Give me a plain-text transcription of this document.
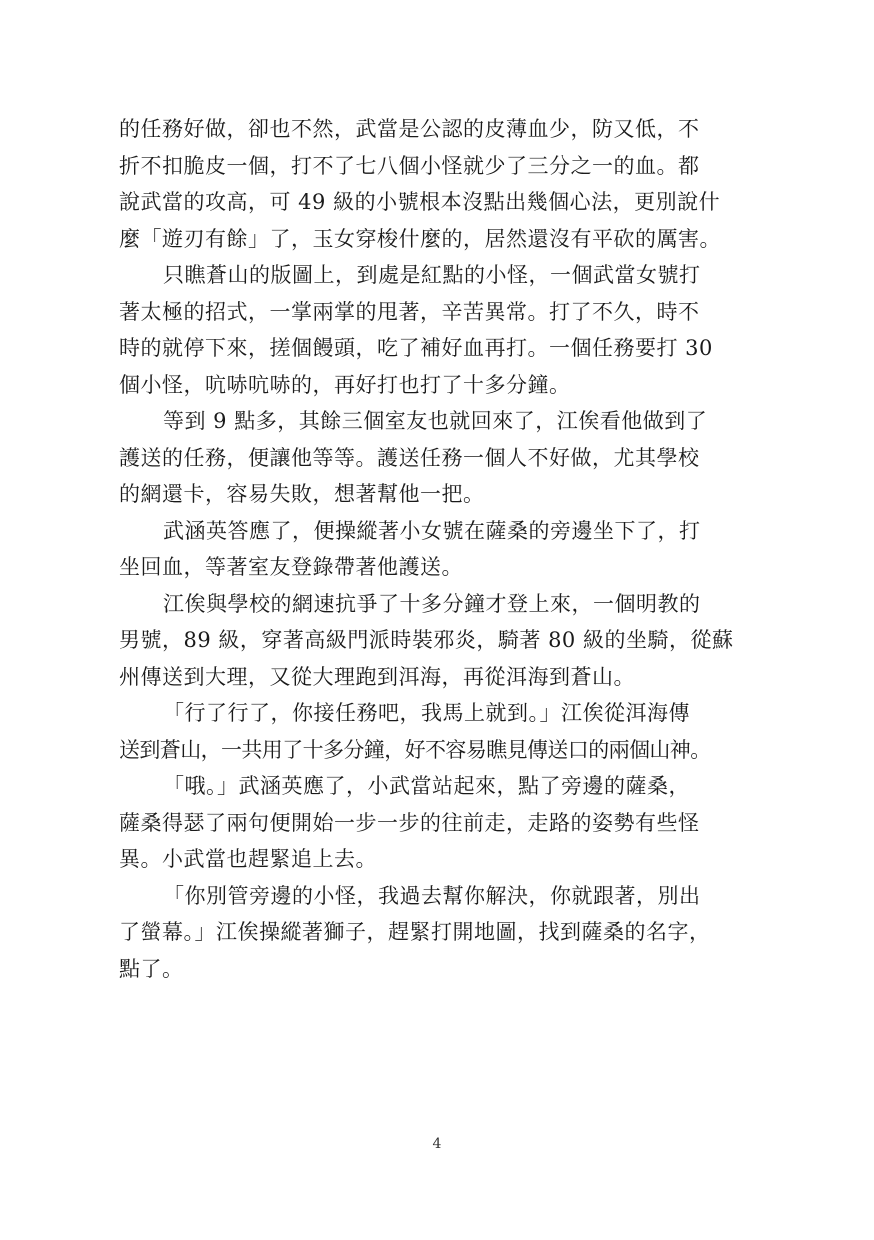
的任務好做，卻也不然，武當是公認的皮薄血少，防又低，不
折不扣脆皮一個，打不了七八個小怪就少了三分之一的血。都
說武當的攻高，可 49 級的小號根本沒點出幾個心法，更別說什
麼「遊刃有餘」了，玉女穿梭什麼的，居然還沒有平砍的厲害。
只瞧蒼山的版圖上，到處是紅點的小怪，一個武當女號打
著太極的招式，一掌兩掌的甩著，辛苦異常。打了不久，時不
時的就停下來，搓個饅頭，吃了補好血再打。一個任務要打 30
個小怪，吭哧吭哧的，再好打也打了十多分鐘。
等到 9 點多，其餘三個室友也就回來了，江俟看他做到了
護送的任務，便讓他等等。護送任務一個人不好做，尤其學校
的網還卡，容易失敗，想著幫他一把。
武涵英答應了，便操縱著小女號在薩桑的旁邊坐下了，打
坐回血，等著室友登錄帶著他護送。
江俟與學校的網速抗爭了十多分鐘才登上來，一個明教的
男號，89 級，穿著高級門派時裝邪炎，騎著 80 級的坐騎，從蘇
州傳送到大理，又從大理跑到洱海，再從洱海到蒼山。
「行了行了，你接任務吧，我馬上就到。」江俟從洱海傳
送到蒼山，一共用了十多分鐘，好不容易瞧見傳送口的兩個山神。
「哦。」武涵英應了，小武當站起來，點了旁邊的薩桑，
薩桑得瑟了兩句便開始一步一步的往前走，走路的姿勢有些怪
異。小武當也趕緊追上去。
「你別管旁邊的小怪，我過去幫你解決，你就跟著，別出
了螢幕。」江俟操縱著獅子，趕緊打開地圖，找到薩桑的名字，
點了。
4
